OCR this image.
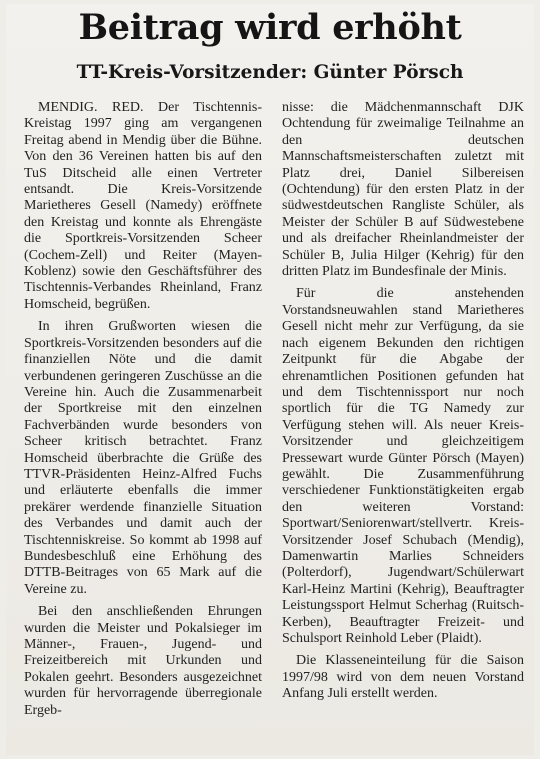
Beitrag wird erhöht
TT-Kreis-Vorsitzender: Günter Pörsch

MENDIG. RED. Der Tischtennis-Kreistag 1997 ging am vergangenen Freitag abend in Mendig über die Bühne. Von den 36 Vereinen hatten bis auf den TuS Ditscheid alle einen Vertreter entsandt. Die Kreis-Vorsitzende Marietheres Gesell (Namedy) eröffnete den Kreistag und konnte als Ehrengäste die Sportkreis-Vorsitzenden Scheer (Cochem-Zell) und Reiter (Mayen-Koblenz) sowie den Geschäftsführer des Tischtennis-Verbandes Rheinland, Franz Homscheid, begrüßen.

In ihren Grußworten wiesen die Sportkreis-Vorsitzenden besonders auf die finanziellen Nöte und die damit verbundenen geringeren Zuschüsse an die Vereine hin. Auch die Zusammenarbeit der Sportkreise mit den einzelnen Fachverbänden wurde besonders von Scheer kritisch betrachtet. Franz Homscheid überbrachte die Grüße des TTVR-Präsidenten Heinz-Alfred Fuchs und erläuterte ebenfalls die immer prekärer werdende finanzielle Situation des Verbandes und damit auch der Tischtenniskreise. So kommt ab 1998 auf Bundesbeschluß eine Erhöhung des DTTB-Beitrages von 65 Mark auf die Vereine zu.

Bei den anschließenden Ehrungen wurden die Meister und Pokalsieger im Männer-, Frauen-, Jugend- und Freizeitbereich mit Urkunden und Pokalen geehrt. Besonders ausgezeichnet wurden für hervorragende überregionale Ergeb-

nisse: die Mädchenmannschaft DJK Ochtendung für zweimalige Teilnahme an den deutschen Mannschaftsmeisterschaften zuletzt mit Platz drei, Daniel Silbereisen (Ochtendung) für den ersten Platz in der südwestdeutschen Rangliste Schüler, als Meister der Schüler B auf Südwestebene und als dreifacher Rheinlandmeister der Schüler B, Julia Hilger (Kehrig) für den dritten Platz im Bundesfinale der Minis.

Für die anstehenden Vorstandsneuwahlen stand Marietheres Gesell nicht mehr zur Verfügung, da sie nach eigenem Bekunden den richtigen Zeitpunkt für die Abgabe der ehrenamtlichen Positionen gefunden hat und dem Tischtennissport nur noch sportlich für die TG Namedy zur Verfügung stehen will. Als neuer Kreis-Vorsitzender und gleichzeitigem Pressewart wurde Günter Pörsch (Mayen) gewählt. Die Zusammenführung verschiedener Funktionstätigkeiten ergab den weiteren Vorstand: Sportwart/Seniorenwart/stellvertr. Kreis-Vorsitzender Josef Schubach (Mendig), Damenwartin Marlies Schneiders (Polterdorf), Jugendwart/Schülerwart Karl-Heinz Martini (Kehrig), Beauftragter Leistungssport Helmut Scherhag (Ruitsch-Kerben), Beauftragter Freizeit- und Schulsport Reinhold Leber (Plaidt).

Die Klasseneinteilung für die Saison 1997/98 wird von dem neuen Vorstand Anfang Juli erstellt werden.
